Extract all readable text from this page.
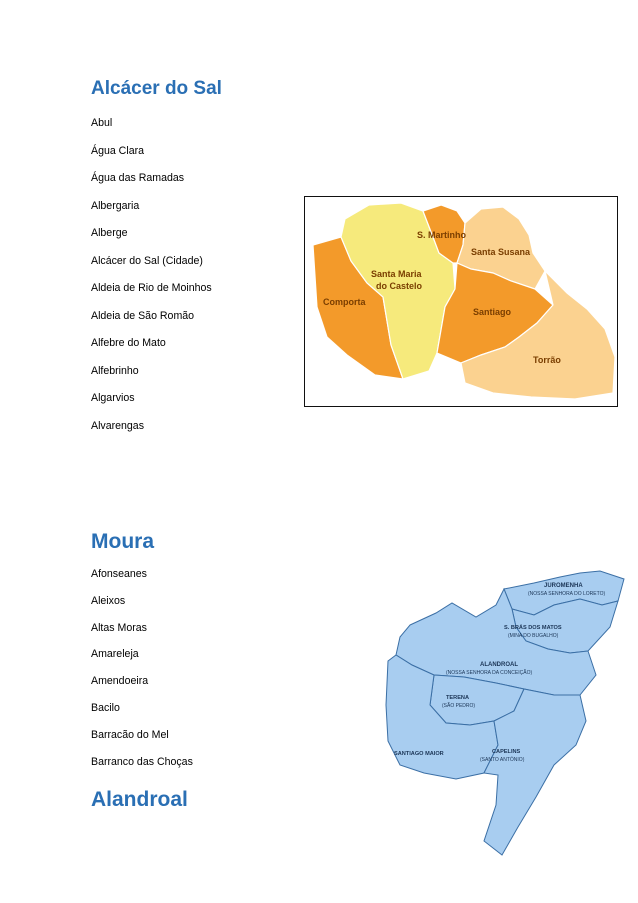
Alcácer do Sal
Abul
Água Clara
Água das Ramadas
Albergaria
Alberge
Alcácer do Sal (Cidade)
Aldeia de Rio de Moinhos
Aldeia de São Romão
Alfebre do Mato
Alfebrinho
Algarvios
Alvarengas
S. Martinho
Santa Susana
Santa Maria
do Castelo
Comporta
Santiago
Torrão
Moura
Afonseanes
Aleixos
Altas Moras
Amareleja
Amendoeira
Bacilo
Barracão do Mel
Barranco das Choças
JUROMENHA
(NOSSA SENHORA DO LORETO)
S. BRÁS DOS MATOS
(MINA DO BUGALHO)
ALANDROAL
(NOSSA SENHORA DA CONCEIÇÃO)
TERENA
(SÃO PEDRO)
SANTIAGO MAIOR	CAPELINS
(SANTO ANTÓNIO)
Alandroal
